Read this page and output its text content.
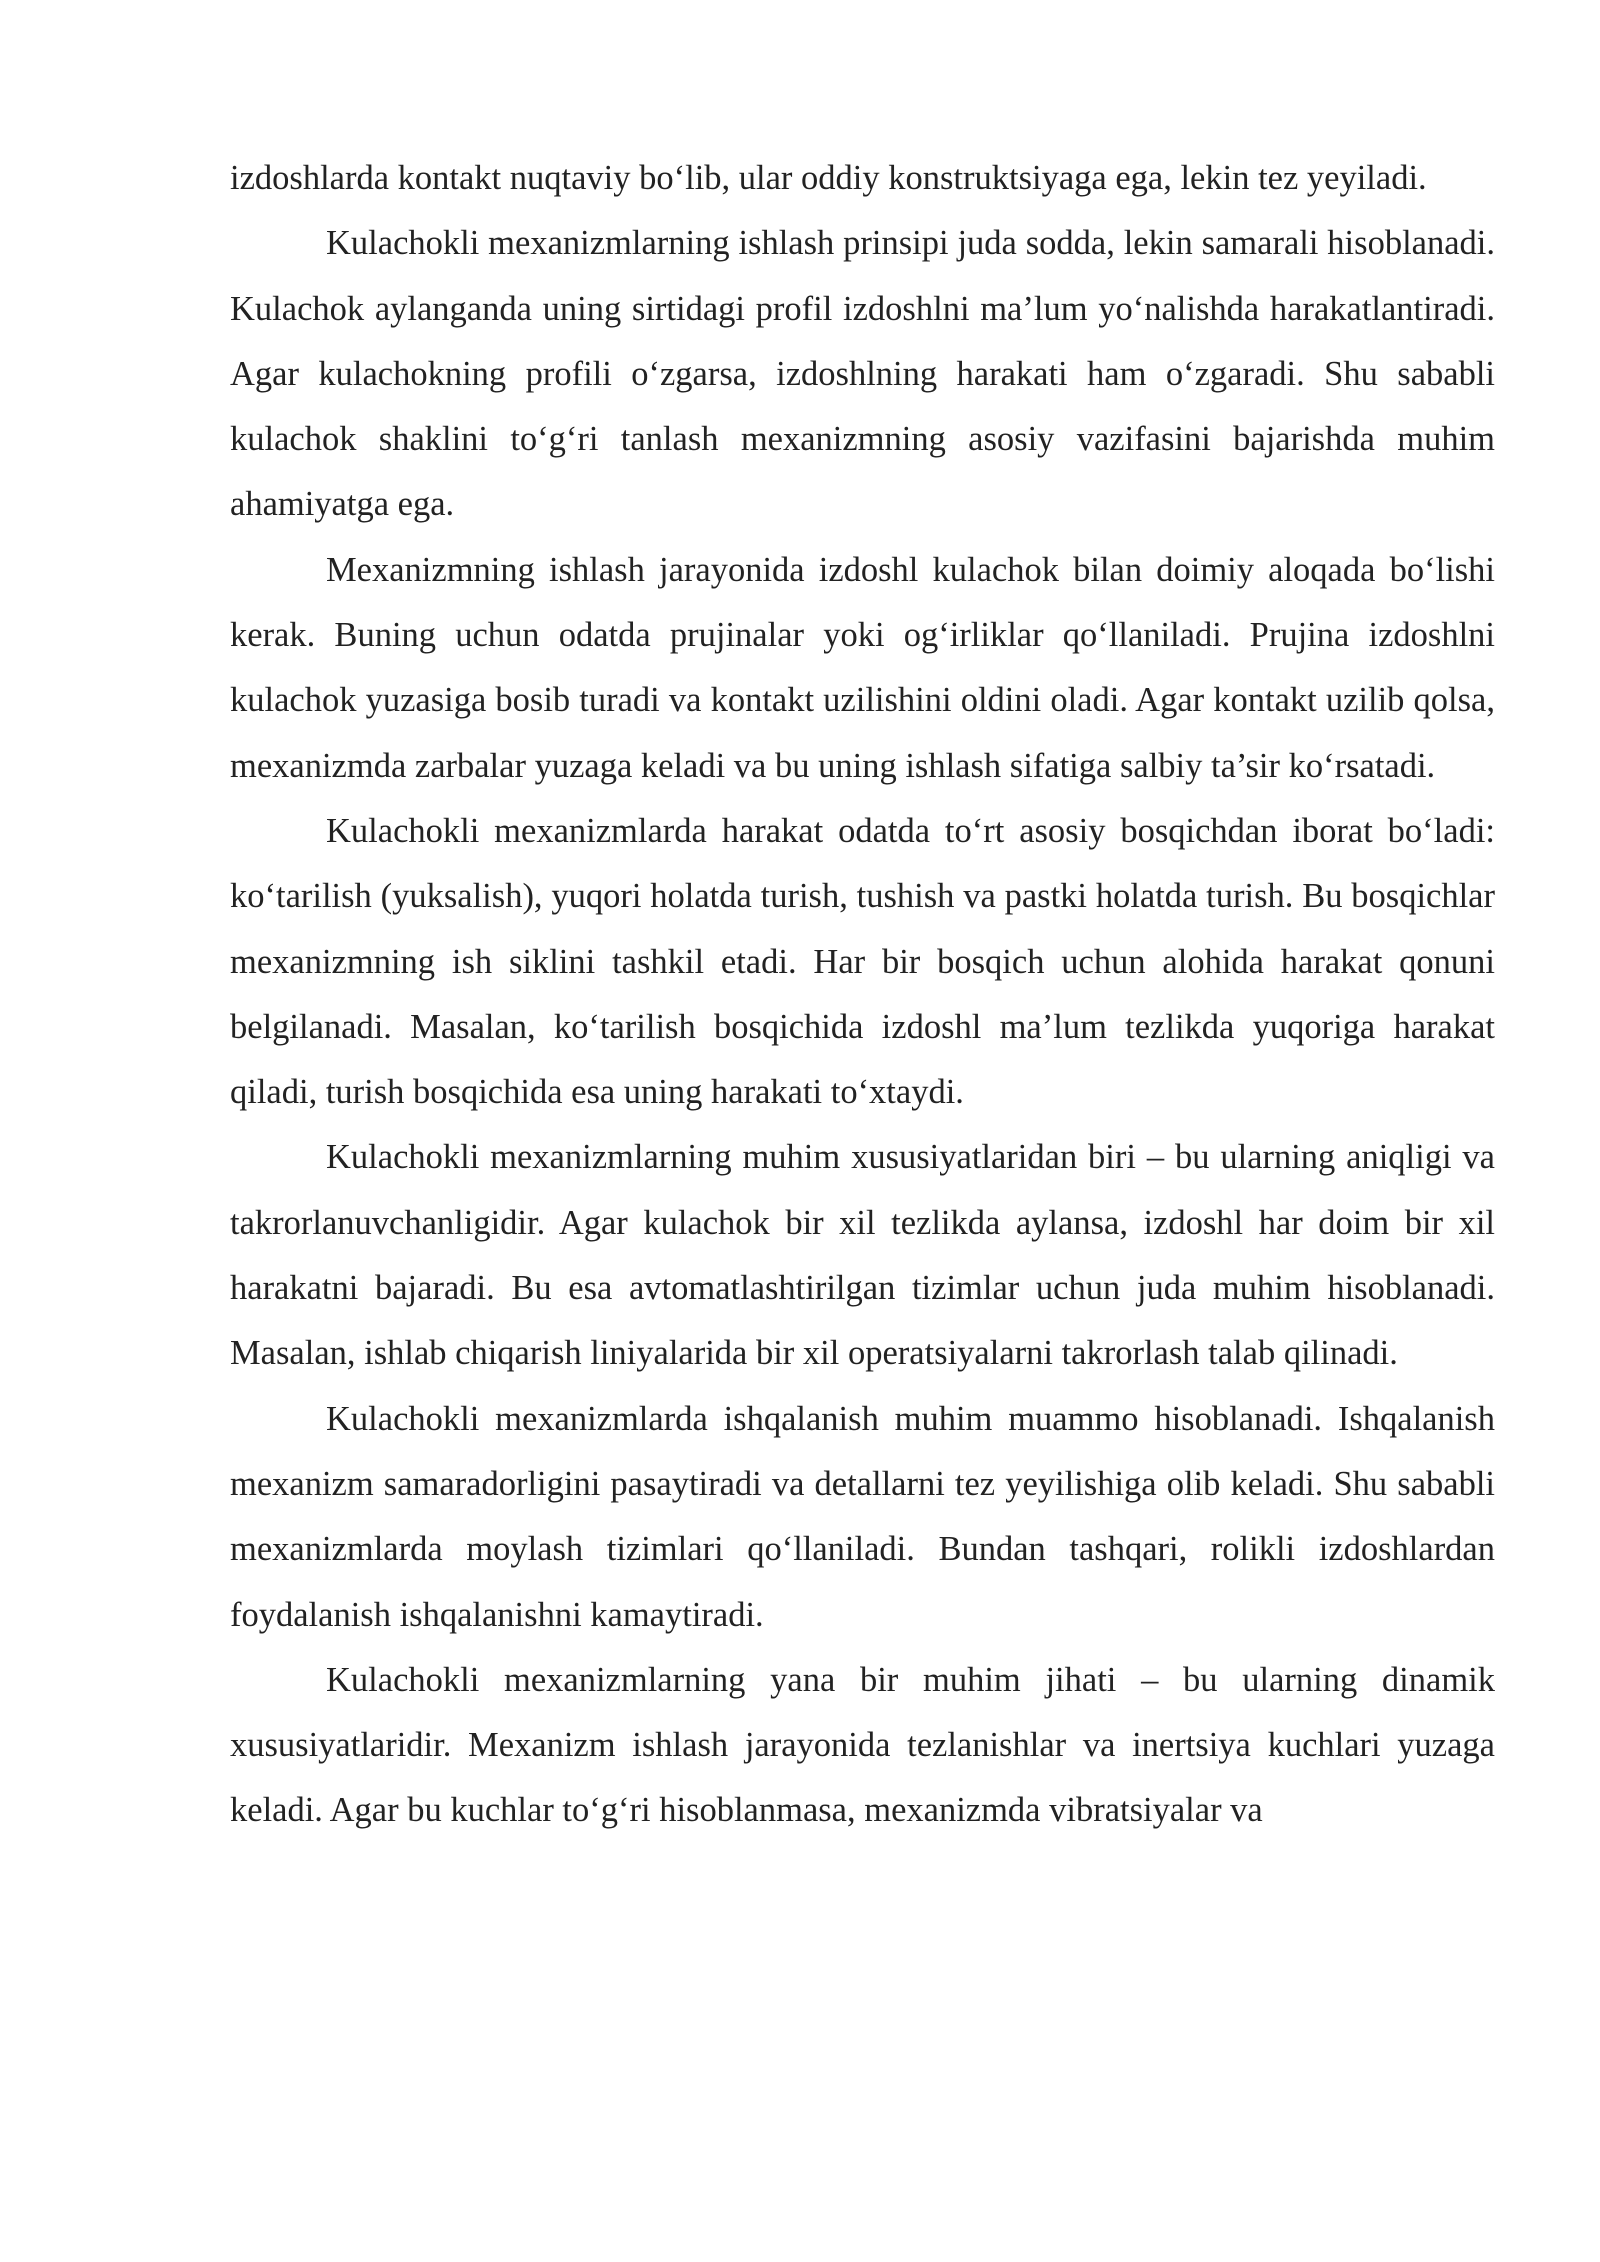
izdoshlarda kontakt nuqtaviy bo‘lib, ular oddiy konstruktsiyaga ega, lekin tez yeyiladi.

Kulachokli mexanizmlarning ishlash prinsipi juda sodda, lekin samarali hisoblanadi. Kulachok aylanganda uning sirtidagi profil izdoshlni ma’lum yo‘nalishda harakatlantiradi. Agar kulachokning profili o‘zgarsa, izdoshlning harakati ham o‘zgaradi. Shu sababli kulachok shaklini to‘g‘ri tanlash mexanizmning asosiy vazifasini bajarishda muhim ahamiyatga ega.

Mexanizmning ishlash jarayonida izdoshl kulachok bilan doimiy aloqada bo‘lishi kerak. Buning uchun odatda prujinalar yoki og‘irliklar qo‘llaniladi. Prujina izdoshlni kulachok yuzasiga bosib turadi va kontakt uzilishini oldini oladi. Agar kontakt uzilib qolsa, mexanizmda zarbalar yuzaga keladi va bu uning ishlash sifatiga salbiy ta’sir ko‘rsatadi.

Kulachokli mexanizmlarda harakat odatda to‘rt asosiy bosqichdan iborat bo‘ladi: ko‘tarilish (yuksalish), yuqori holatda turish, tushish va pastki holatda turish. Bu bosqichlar mexanizmning ish siklini tashkil etadi. Har bir bosqich uchun alohida harakat qonuni belgilanadi. Masalan, ko‘tarilish bosqichida izdoshl ma’lum tezlikda yuqoriga harakat qiladi, turish bosqichida esa uning harakati to‘xtaydi.

Kulachokli mexanizmlarning muhim xususiyatlaridan biri – bu ularning aniqligi va takrorlanuvchanligidir. Agar kulachok bir xil tezlikda aylansa, izdoshl har doim bir xil harakatni bajaradi. Bu esa avtomatlashtirilgan tizimlar uchun juda muhim hisoblanadi. Masalan, ishlab chiqarish liniyalarida bir xil operatsiyalarni takrorlash talab qilinadi.

Kulachokli mexanizmlarda ishqalanish muhim muammo hisoblanadi. Ishqalanish mexanizm samaradorligini pasaytiradi va detallarni tez yeyilishiga olib keladi. Shu sababli mexanizmlarda moylash tizimlari qo‘llaniladi. Bundan tashqari, rolikli izdoshlardan foydalanish ishqalanishni kamaytiradi.

Kulachokli mexanizmlarning yana bir muhim jihati – bu ularning dinamik xususiyatlaridir. Mexanizm ishlash jarayonida tezlanishlar va inertsiya kuchlari yuzaga keladi. Agar bu kuchlar to‘g‘ri hisoblanmasa, mexanizmda vibratsiyalar va
